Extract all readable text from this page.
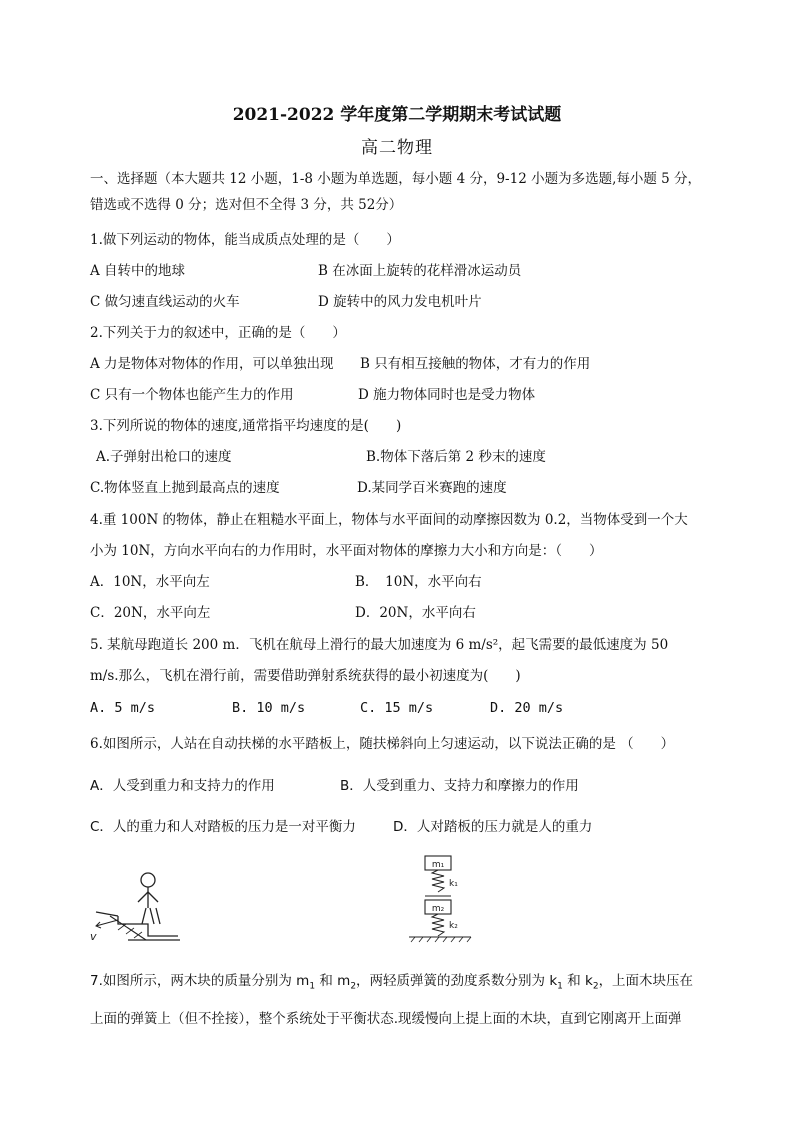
2021-2022 学年度第二学期期末考试试题
高二物理
一、选择题（本大题共 12 小题，1-8 小题为单选题，每小题 4 分，9-12 小题为多选题,每小题 5 分，
错选或不选得 0 分；选对但不全得 3 分，共 52分）
1.做下列运动的物体，能当成质点处理的是（　　）
A 自转中的地球	B 在冰面上旋转的花样滑冰运动员
C 做匀速直线运动的火车	D 旋转中的风力发电机叶片
2.下列关于力的叙述中，正确的是（　　）
A 力是物体对物体的作用，可以单独出现 B 只有相互接触的物体，才有力的作用
C 只有一个物体也能产生力的作用	D 施力物体同时也是受力物体
3.下列所说的物体的速度,通常指平均速度的是(　　)
A.子弹射出枪口的速度	B.物体下落后第 2 秒末的速度
C.物体竖直上抛到最高点的速度	D.某同学百米赛跑的速度
4.重 100N 的物体，静止在粗糙水平面上，物体与水平面间的动摩擦因数为 0.2，当物体受到一个大
小为 10N，方向水平向右的力作用时，水平面对物体的摩擦力大小和方向是：（　　）
A．10N，水平向左	B．　10N，水平向右
C．20N，水平向左	D．20N，水平向右
5. 某航母跑道长 200 m．飞机在航母上滑行的最大加速度为 6 m/s²，起飞需要的最低速度为 50
m/s.那么，飞机在滑行前，需要借助弹射系统获得的最小初速度为(　　)
A. 5 m/s	B. 10 m/s	C. 15 m/s	D. 20 m/s
6.如图所示，人站在自动扶梯的水平踏板上，随扶梯斜向上匀速运动，以下说法正确的是 （　　）
A．人受到重力和支持力的作用	B．人受到重力、支持力和摩擦力的作用
C．人的重力和人对踏板的压力是一对平衡力	D．人对踏板的压力就是人的重力
v
m₁
k₁
m₂
k₂
7.如图所示，两木块的质量分别为 $m_1$ 和 $m_2$，两轻质弹簧的劲度系数分别为 $k_1$ 和 $k_2$，上面木块压在
上面的弹簧上（但不拴接），整个系统处于平衡状态.现缓慢向上提上面的木块，直到它刚离开上面弹
